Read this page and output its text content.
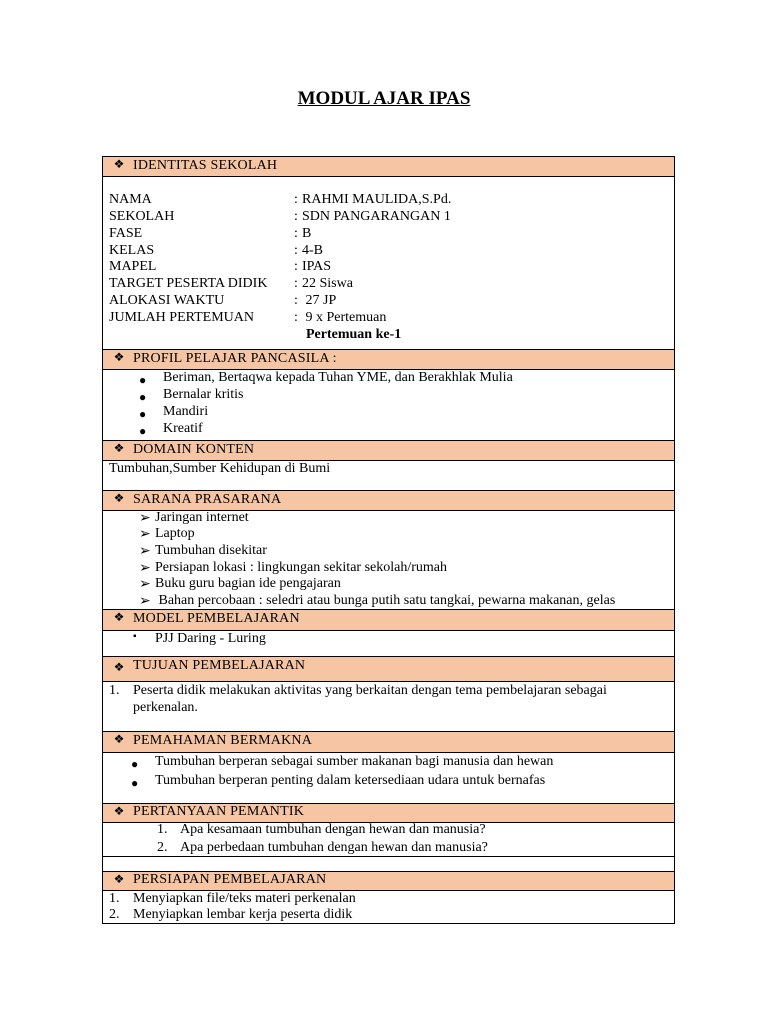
MODUL AJAR IPAS
❖ IDENTITAS SEKOLAH
NAMA	: RAHMI MAULIDA,S.Pd.
SEKOLAH	: SDN PANGARANGAN 1
FASE	: B
KELAS	: 4-B
MAPEL	: IPAS
TARGET PESERTA DIDIK : 22 Siswa
ALOKASI WAKTU	: 27 JP
JUMLAH PERTEMUAN	: 9 x Pertemuan
Pertemuan ke-1
❖ PROFIL PELAJAR PANCASILA :
● Beriman, Bertaqwa kepada Tuhan YME, dan Berakhlak Mulia
● Bernalar kritis
● Mandiri
● Kreatif
❖ DOMAIN KONTEN
Tumbuhan,Sumber Kehidupan di Bumi
❖ SARANA PRASARANA
➢ Jaringan internet
➢ Laptop
➢ Tumbuhan disekitar
➢ Persiapan lokasi : lingkungan sekitar sekolah/rumah
➢ Buku guru bagian ide pengajaran
➢ Bahan percobaan : seledri atau bunga putih satu tangkai, pewarna makanan, gelas
❖ MODEL PEMBELAJARAN
▪ PJJ Daring - Luring
❖ TUJUAN PEMBELAJARAN
1. Peserta didik melakukan aktivitas yang berkaitan dengan tema pembelajaran sebagai
perkenalan.
❖ PEMAHAMAN BERMAKNA
● Tumbuhan berperan sebagai sumber makanan bagi manusia dan hewan
● Tumbuhan berperan penting dalam ketersediaan udara untuk bernafas
❖ PERTANYAAN PEMANTIK
1. Apa kesamaan tumbuhan dengan hewan dan manusia?
2. Apa perbedaan tumbuhan dengan hewan dan manusia?
❖ PERSIAPAN PEMBELAJARAN
1. Menyiapkan file/teks materi perkenalan
2. Menyiapkan lembar kerja peserta didik
